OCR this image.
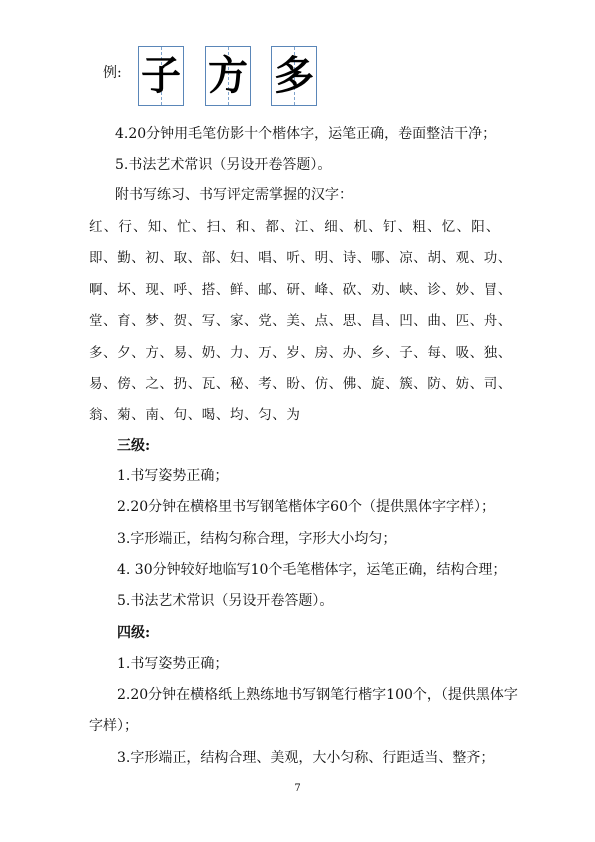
例: 子 方 多
4.20分钟用毛笔仿影十个楷体字，运笔正确，卷面整洁干净；
5.书法艺术常识（另设开卷答题）。
附书写练习、书写评定需掌握的汉字：
红、行、知、忙、扫、和、都、江、细、机、钉、粗、忆、阳、
即、勤、初、取、部、妇、唱、听、明、诗、哪、凉、胡、观、功、
啊、坏、现、呼、搭、鲜、邮、研、峰、砍、劝、峡、诊、妙、冒、
堂、育、梦、贺、写、家、党、美、点、思、昌、凹、曲、匹、舟、
多、夕、方、易、奶、力、万、岁、房、办、乡、子、每、吸、独、
易、傍、之、扔、瓦、秘、考、盼、仿、佛、旋、簇、防、妨、司、
翁、菊、南、句、喝、均、匀、为
三级:
1.书写姿势正确；
2.20分钟在横格里书写钢笔楷体字60个（提供黑体字字样）；
3.字形端正，结构匀称合理，字形大小均匀；
4. 30分钟较好地临写10个毛笔楷体字，运笔正确，结构合理；
5.书法艺术常识（另设开卷答题）。
四级:
1.书写姿势正确；
2.20分钟在横格纸上熟练地书写钢笔行楷字100个，（提供黑体字
字样）；
3.字形端正，结构合理、美观，大小匀称、行距适当、整齐；
7
